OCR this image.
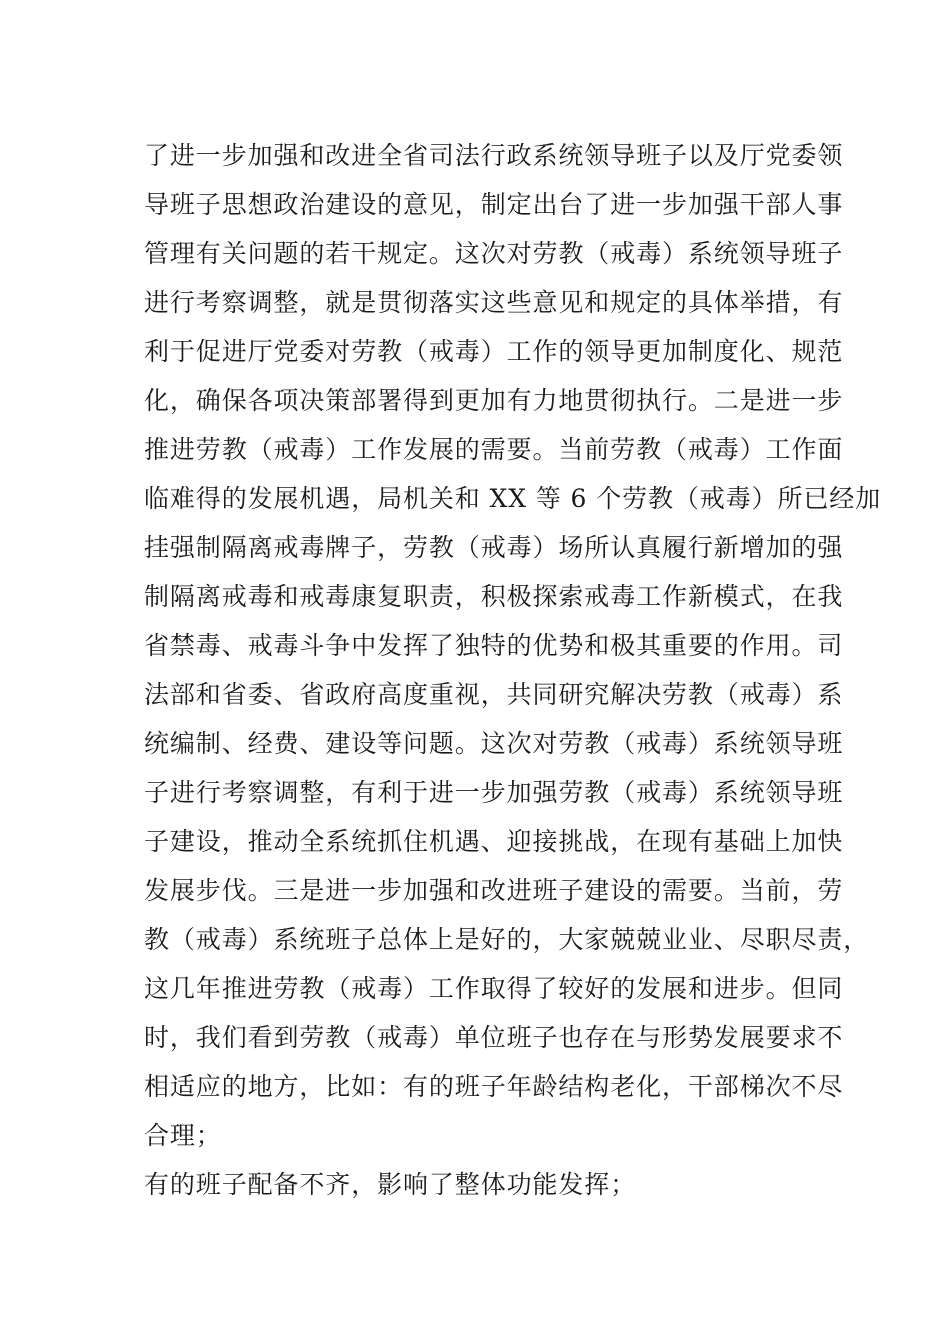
了进一步加强和改进全省司法行政系统领导班子以及厅党委领
导班子思想政治建设的意见，制定出台了进一步加强干部人事
管理有关问题的若干规定。这次对劳教（戒毒）系统领导班子
进行考察调整，就是贯彻落实这些意见和规定的具体举措，有
利于促进厅党委对劳教（戒毒）工作的领导更加制度化、规范
化，确保各项决策部署得到更加有力地贯彻执行。二是进一步
推进劳教（戒毒）工作发展的需要。当前劳教（戒毒）工作面
临难得的发展机遇，局机关和 XX 等 6 个劳教（戒毒）所已经加
挂强制隔离戒毒牌子，劳教（戒毒）场所认真履行新增加的强
制隔离戒毒和戒毒康复职责，积极探索戒毒工作新模式，在我
省禁毒、戒毒斗争中发挥了独特的优势和极其重要的作用。司
法部和省委、省政府高度重视，共同研究解决劳教（戒毒）系
统编制、经费、建设等问题。这次对劳教（戒毒）系统领导班
子进行考察调整，有利于进一步加强劳教（戒毒）系统领导班
子建设，推动全系统抓住机遇、迎接挑战，在现有基础上加快
发展步伐。三是进一步加强和改进班子建设的需要。当前，劳
教（戒毒）系统班子总体上是好的，大家兢兢业业、尽职尽责，
这几年推进劳教（戒毒）工作取得了较好的发展和进步。但同
时，我们看到劳教（戒毒）单位班子也存在与形势发展要求不
相适应的地方，比如：有的班子年龄结构老化，干部梯次不尽
合理；
有的班子配备不齐，影响了整体功能发挥；
